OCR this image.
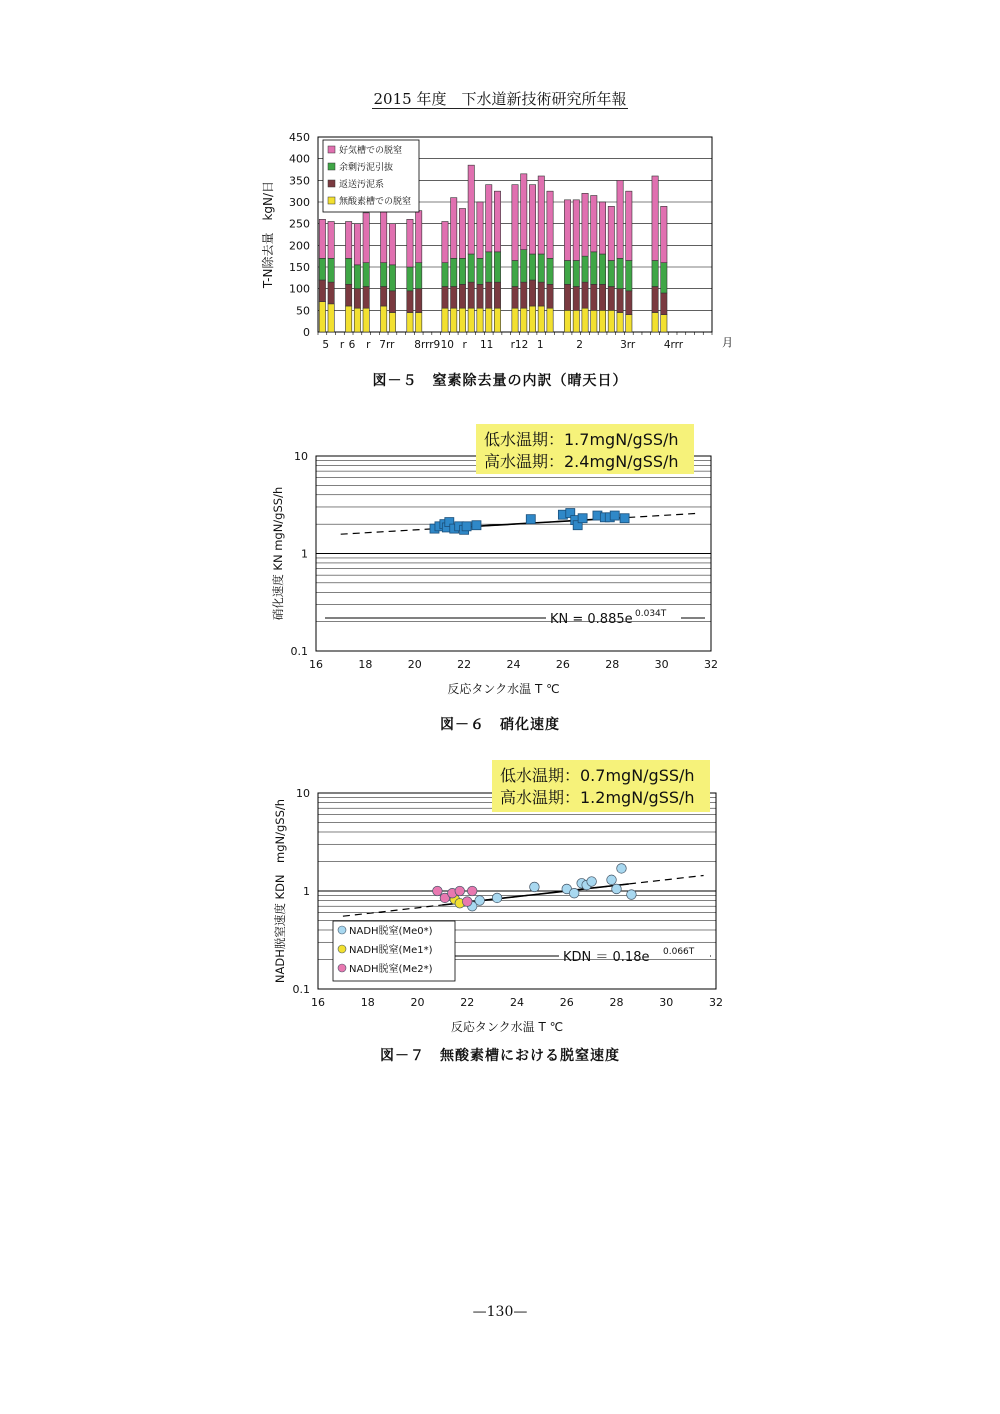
2015 年度　下水道新技術研究所年報
0
50
100
150
200
250
300
350
400
450
T-N除去量　kgN/日
5 r 6 r 7rr 8rrr9 10 r 11 r12 1	2	3rr	4rrr	月
好気槽での脱窒
余剰汚泥引抜
返送汚泥系
無酸素槽での脱窒
図－５　窒素除去量の内訳（晴天日）
10
1
0.1
16	18	20	22	24	26	28	30	32
反応タンク水温 T ℃
硝化速度 KN mgN/gSS/h
低水温期：1.7mgN/gSS/h
高水温期：2.4mgN/gSS/h
KN = 0.885e 0.034T
図－６　硝化速度
10
1
0.1
16	18	20	22	24	26	28	30	32
反応タンク水温 T ℃
NADH脱窒速度 KDN　mgN/gSS/h
低水温期：0.7mgN/gSS/h
高水温期：1.2mgN/gSS/h
KDN ＝ 0.18e 0.066T
NADH脱窒(Me0*)
NADH脱窒(Me1*)
NADH脱窒(Me2*)
図－７　無酸素槽における脱窒速度
—130—
